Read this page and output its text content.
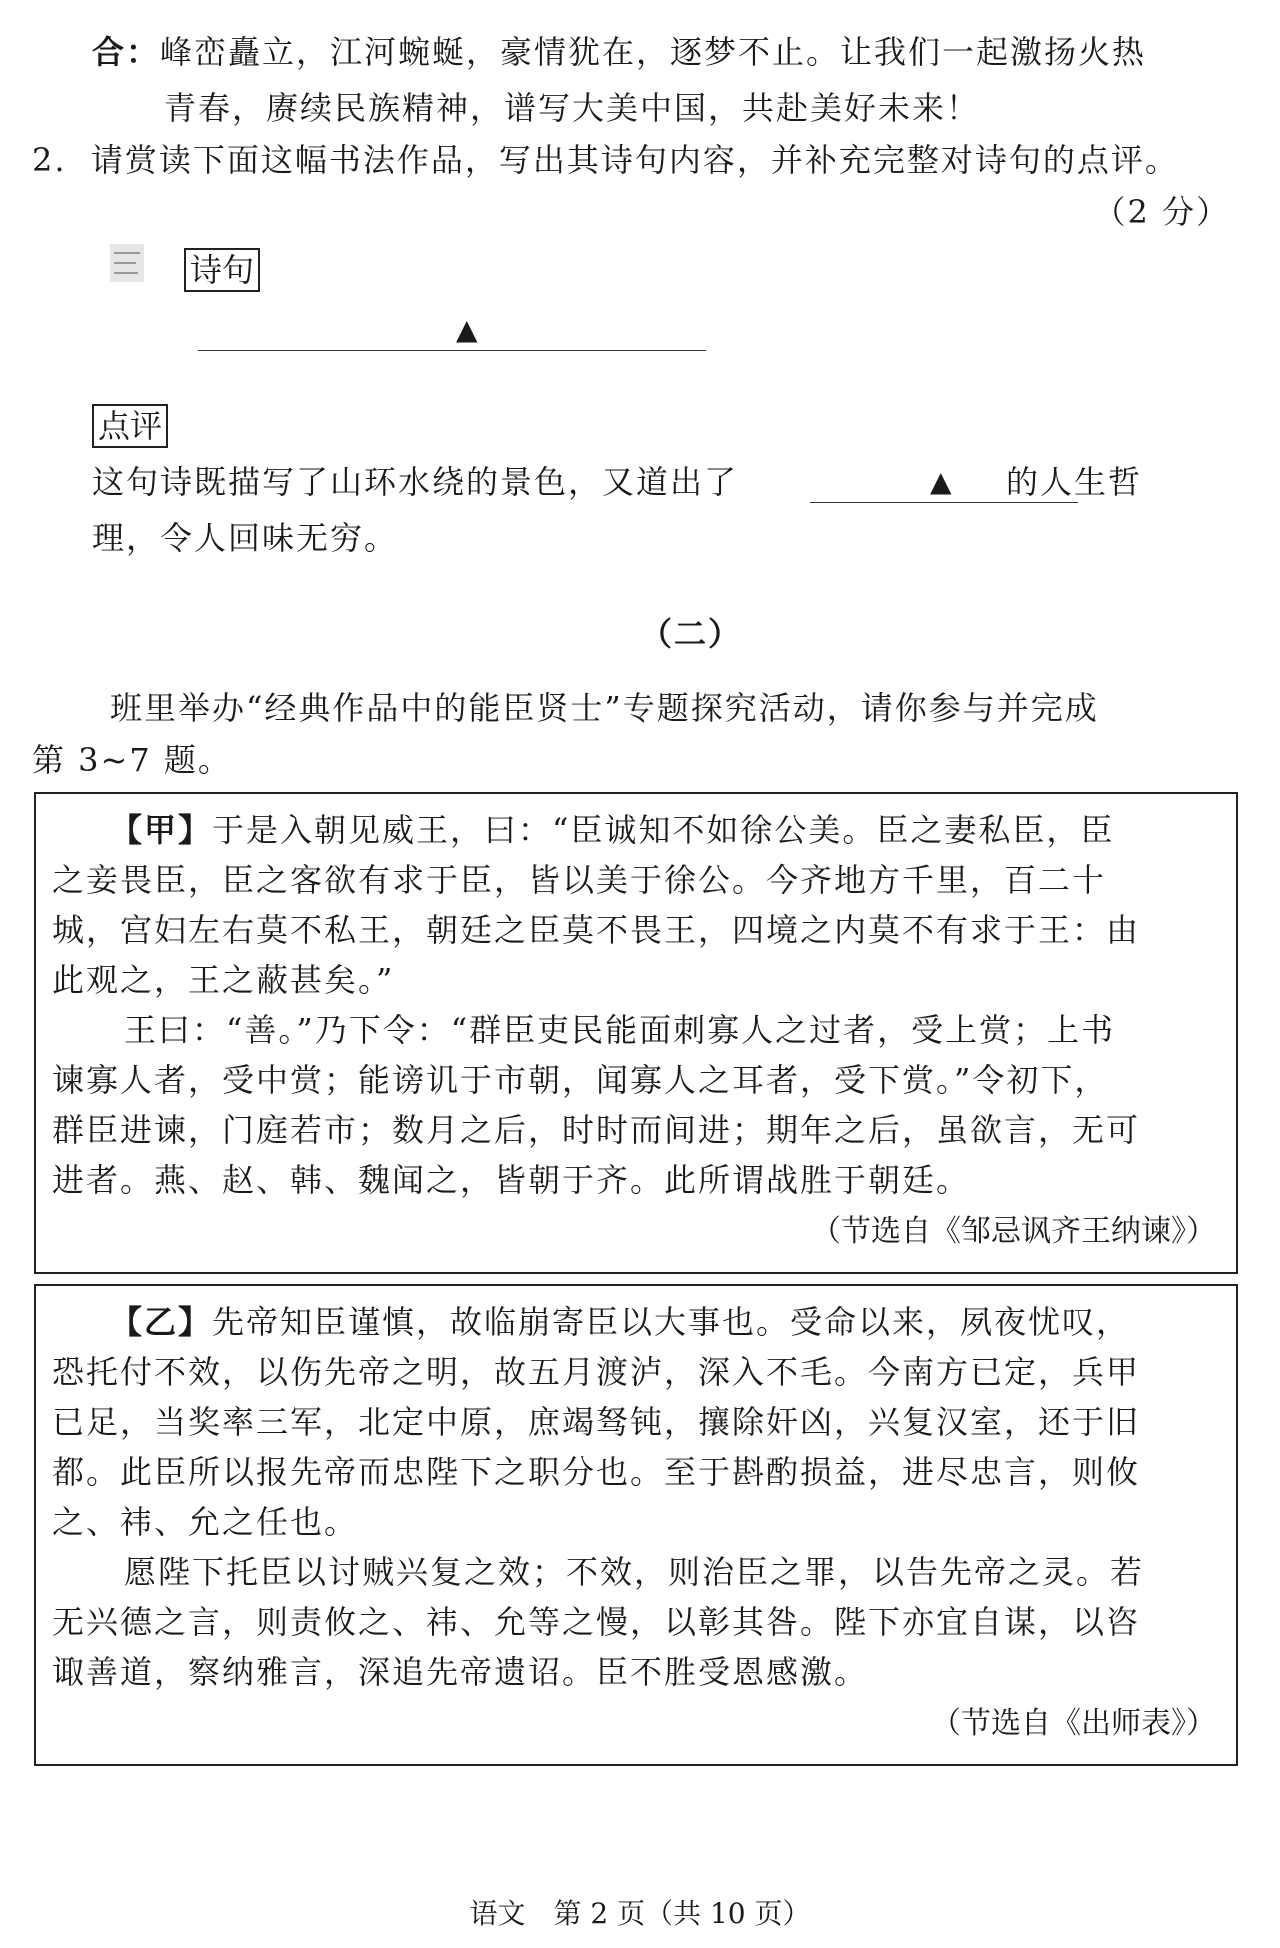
合：峰峦矗立，江河蜿蜒，豪情犹在，逐梦不止。让我们一起激扬火热
青春，赓续民族精神，谱写大美中国，共赴美好未来！
2. 请赏读下面这幅书法作品，写出其诗句内容，并补充完整对诗句的点评。
（2 分）
诗句
▲
点评
这句诗既描写了山环水绕的景色，又道出了	的人生哲
▲
理，令人回味无穷。
（二）
班里举办“经典作品中的能臣贤士”专题探究活动，请你参与并完成
第 3~7 题。
【甲】于是入朝见威王，曰：“臣诚知不如徐公美。臣之妻私臣，臣
之妾畏臣，臣之客欲有求于臣，皆以美于徐公。今齐地方千里，百二十
城，宫妇左右莫不私王，朝廷之臣莫不畏王，四境之内莫不有求于王：由
此观之，王之蔽甚矣。”
王曰：“善。”乃下令：“群臣吏民能面刺寡人之过者，受上赏；上书
谏寡人者，受中赏；能谤讥于市朝，闻寡人之耳者，受下赏。”令初下，
群臣进谏，门庭若市；数月之后，时时而间进；期年之后，虽欲言，无可
进者。燕、赵、韩、魏闻之，皆朝于齐。此所谓战胜于朝廷。
（节选自《邹忌讽齐王纳谏》）
【乙】先帝知臣谨慎，故临崩寄臣以大事也。受命以来，夙夜忧叹，
恐托付不效，以伤先帝之明，故五月渡泸，深入不毛。今南方已定，兵甲
已足，当奖率三军，北定中原，庶竭驽钝，攘除奸凶，兴复汉室，还于旧
都。此臣所以报先帝而忠陛下之职分也。至于斟酌损益，进尽忠言，则攸
之、祎、允之任也。
愿陛下托臣以讨贼兴复之效；不效，则治臣之罪，以告先帝之灵。若
无兴德之言，则责攸之、祎、允等之慢，以彰其咎。陛下亦宜自谋，以咨
诹善道，察纳雅言，深追先帝遗诏。臣不胜受恩感激。
（节选自《出师表》）
语文　第 2 页（共 10 页）
